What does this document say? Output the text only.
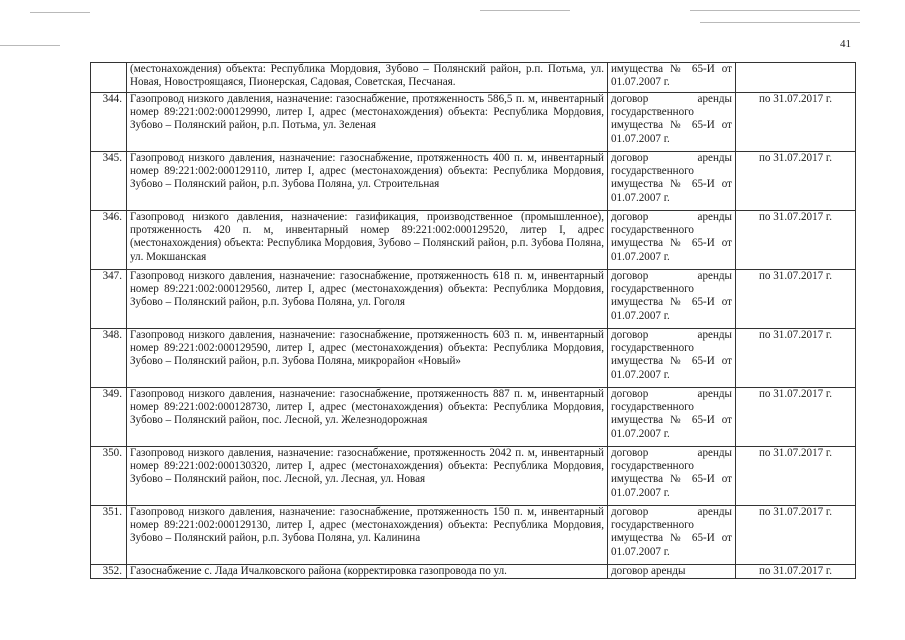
41
	(местонахождения) объекта: Республика Мордовия, Зубово – Полянский район, р.п. Потьма, ул. Новая, Новостроящаяся, Пионерская, Садовая, Советская, Песчаная.	имущества № 65-И от 01.07.2007 г.	
344.	Газопровод низкого давления, назначение: газоснабжение, протяженность 586,5 п. м, инвентарный номер 89:221:002:000129990, литер I, адрес (местонахождения) объекта: Республика Мордовия, Зубово – Полянский район, р.п. Потьма, ул. Зеленая	договор аренды государственного имущества № 65-И от 01.07.2007 г.	по 31.07.2017 г.
345.	Газопровод низкого давления, назначение: газоснабжение, протяженность 400 п. м, инвентарный номер 89:221:002:000129110, литер I, адрес (местонахождения) объекта: Республика Мордовия, Зубово – Полянский район, р.п. Зубова Поляна, ул. Строительная	договор аренды государственного имущества № 65-И от 01.07.2007 г.	по 31.07.2017 г.
346.	Газопровод низкого давления, назначение: газификация, производственное (промышленное), протяженность 420 п. м, инвентарный номер 89:221:002:000129520, литер I, адрес (местонахождения) объекта: Республика Мордовия, Зубово – Полянский район, р.п. Зубова Поляна, ул. Мокшанская	договор аренды государственного имущества № 65-И от 01.07.2007 г.	по 31.07.2017 г.
347.	Газопровод низкого давления, назначение: газоснабжение, протяженность 618 п. м, инвентарный номер 89:221:002:000129560, литер I, адрес (местонахождения) объекта: Республика Мордовия, Зубово – Полянский район, р.п. Зубова Поляна, ул. Гоголя	договор аренды государственного имущества № 65-И от 01.07.2007 г.	по 31.07.2017 г.
348.	Газопровод низкого давления, назначение: газоснабжение, протяженность 603 п. м, инвентарный номер 89:221:002:000129590, литер I, адрес (местонахождения) объекта: Республика Мордовия, Зубово – Полянский район, р.п. Зубова Поляна, микрорайон «Новый»	договор аренды государственного имущества № 65-И от 01.07.2007 г.	по 31.07.2017 г.
349.	Газопровод низкого давления, назначение: газоснабжение, протяженность 887 п. м, инвентарный номер 89:221:002:000128730, литер I, адрес (местонахождения) объекта: Республика Мордовия, Зубово – Полянский район, пос. Лесной, ул. Железнодорожная	договор аренды государственного имущества № 65-И от 01.07.2007 г.	по 31.07.2017 г.
350.	Газопровод низкого давления, назначение: газоснабжение, протяженность 2042 п. м, инвентарный номер 89:221:002:000130320, литер I, адрес (местонахождения) объекта: Республика Мордовия, Зубово – Полянский район, пос. Лесной, ул. Лесная, ул. Новая	договор аренды государственного имущества № 65-И от 01.07.2007 г.	по 31.07.2017 г.
351.	Газопровод низкого давления, назначение: газоснабжение, протяженность 150 п. м, инвентарный номер 89:221:002:000129130, литер I, адрес (местонахождения) объекта: Республика Мордовия, Зубово – Полянский район, р.п. Зубова Поляна, ул. Калинина	договор аренды государственного имущества № 65-И от 01.07.2007 г.	по 31.07.2017 г.
352.	Газоснабжение с. Лада Ичалковского района (корректировка газопровода по ул.	договор аренды	по 31.07.2017 г.
